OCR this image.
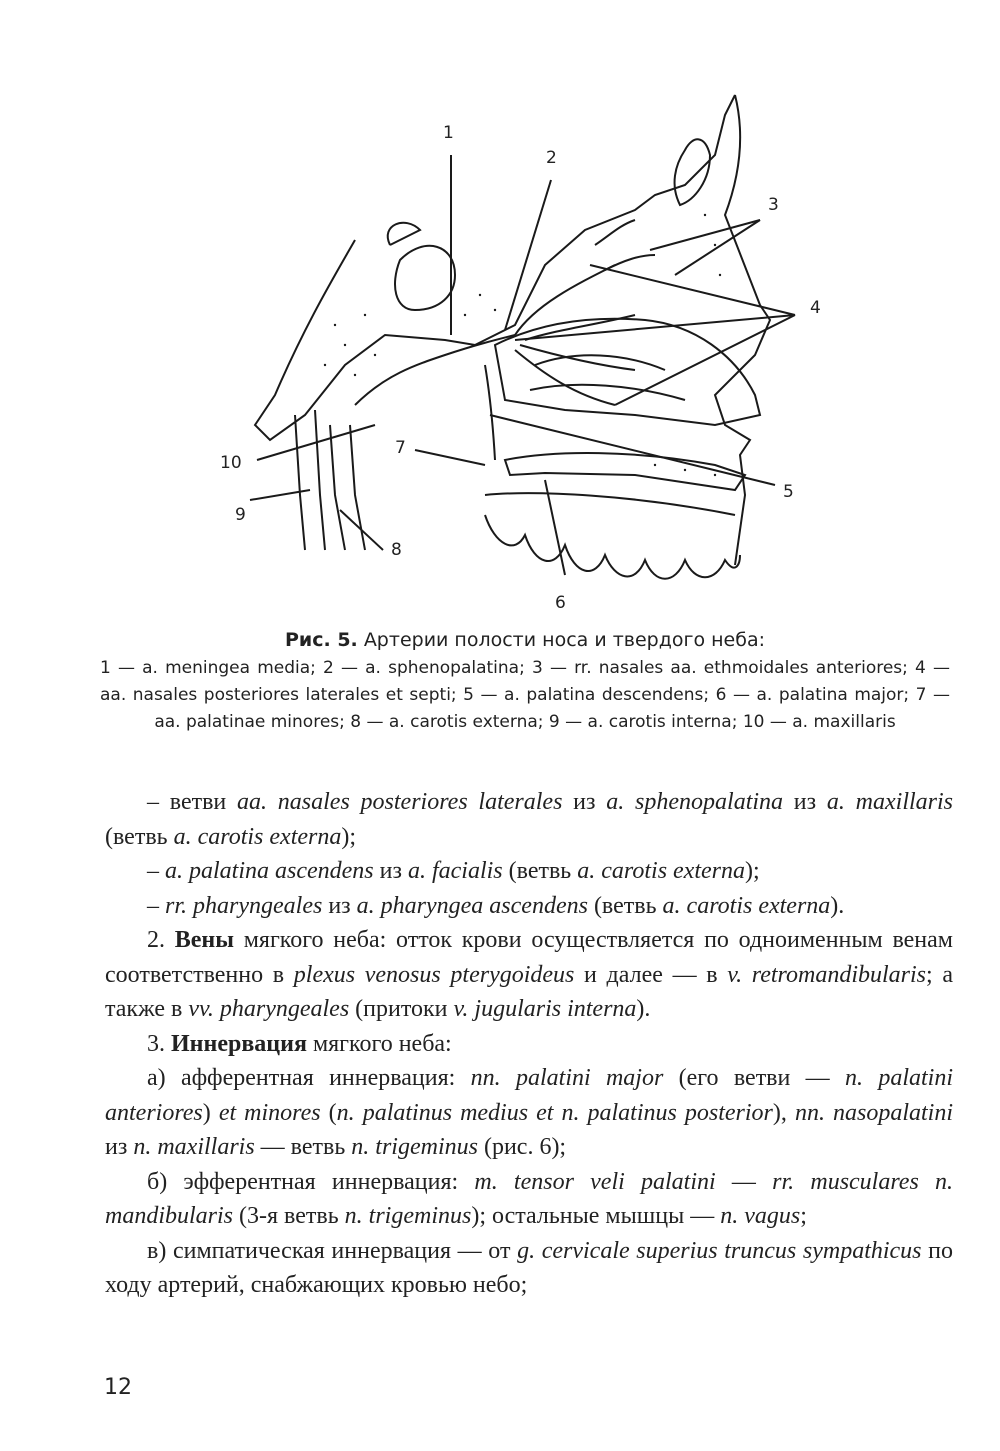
1
2
3
4
5
6
7
8
9
10
Рис. 5. Артерии полости носа и твердого неба:
1 — a. meningea media; 2 — a. sphenopalatina; 3 — rr. nasales aa. ethmoidales anteriores; 4 — aa. nasales posteriores laterales et septi; 5 — a. palatina descendens; 6 — a. palatina major; 7 — aa. palatinae minores; 8 — a. carotis externa; 9 — a. carotis interna; 10 — a. maxillaris

– ветви aa. nasales posteriores laterales из a. sphenopalatina из a. maxillaris (ветвь a. carotis externa);

– a. palatina ascendens из a. facialis (ветвь a. carotis externa);

– rr. pharyngeales из a. pharyngea ascendens (ветвь a. carotis externa).

2. Вены мягкого неба: отток крови осуществляется по одноименным венам соответственно в plexus venosus pterygoideus и далее — в v. retromandibularis; а также в vv. pharyngeales (притоки v. jugularis interna).

3. Иннервация мягкого неба:

а) афферентная иннервация: nn. palatini major (его ветви — n. palatini anteriores) et minores (n. palatinus medius et n. palatinus posterior), nn. nasopalatini из n. maxillaris — ветвь n. trigeminus (рис. 6);

б) эфферентная иннервация: m. tensor veli palatini — rr. musculares n. mandibularis (3-я ветвь n. trigeminus); остальные мышцы — n. vagus;

в) симпатическая иннервация — от g. cervicale superius truncus sympathicus по ходу артерий, снабжающих кровью небо;

12
